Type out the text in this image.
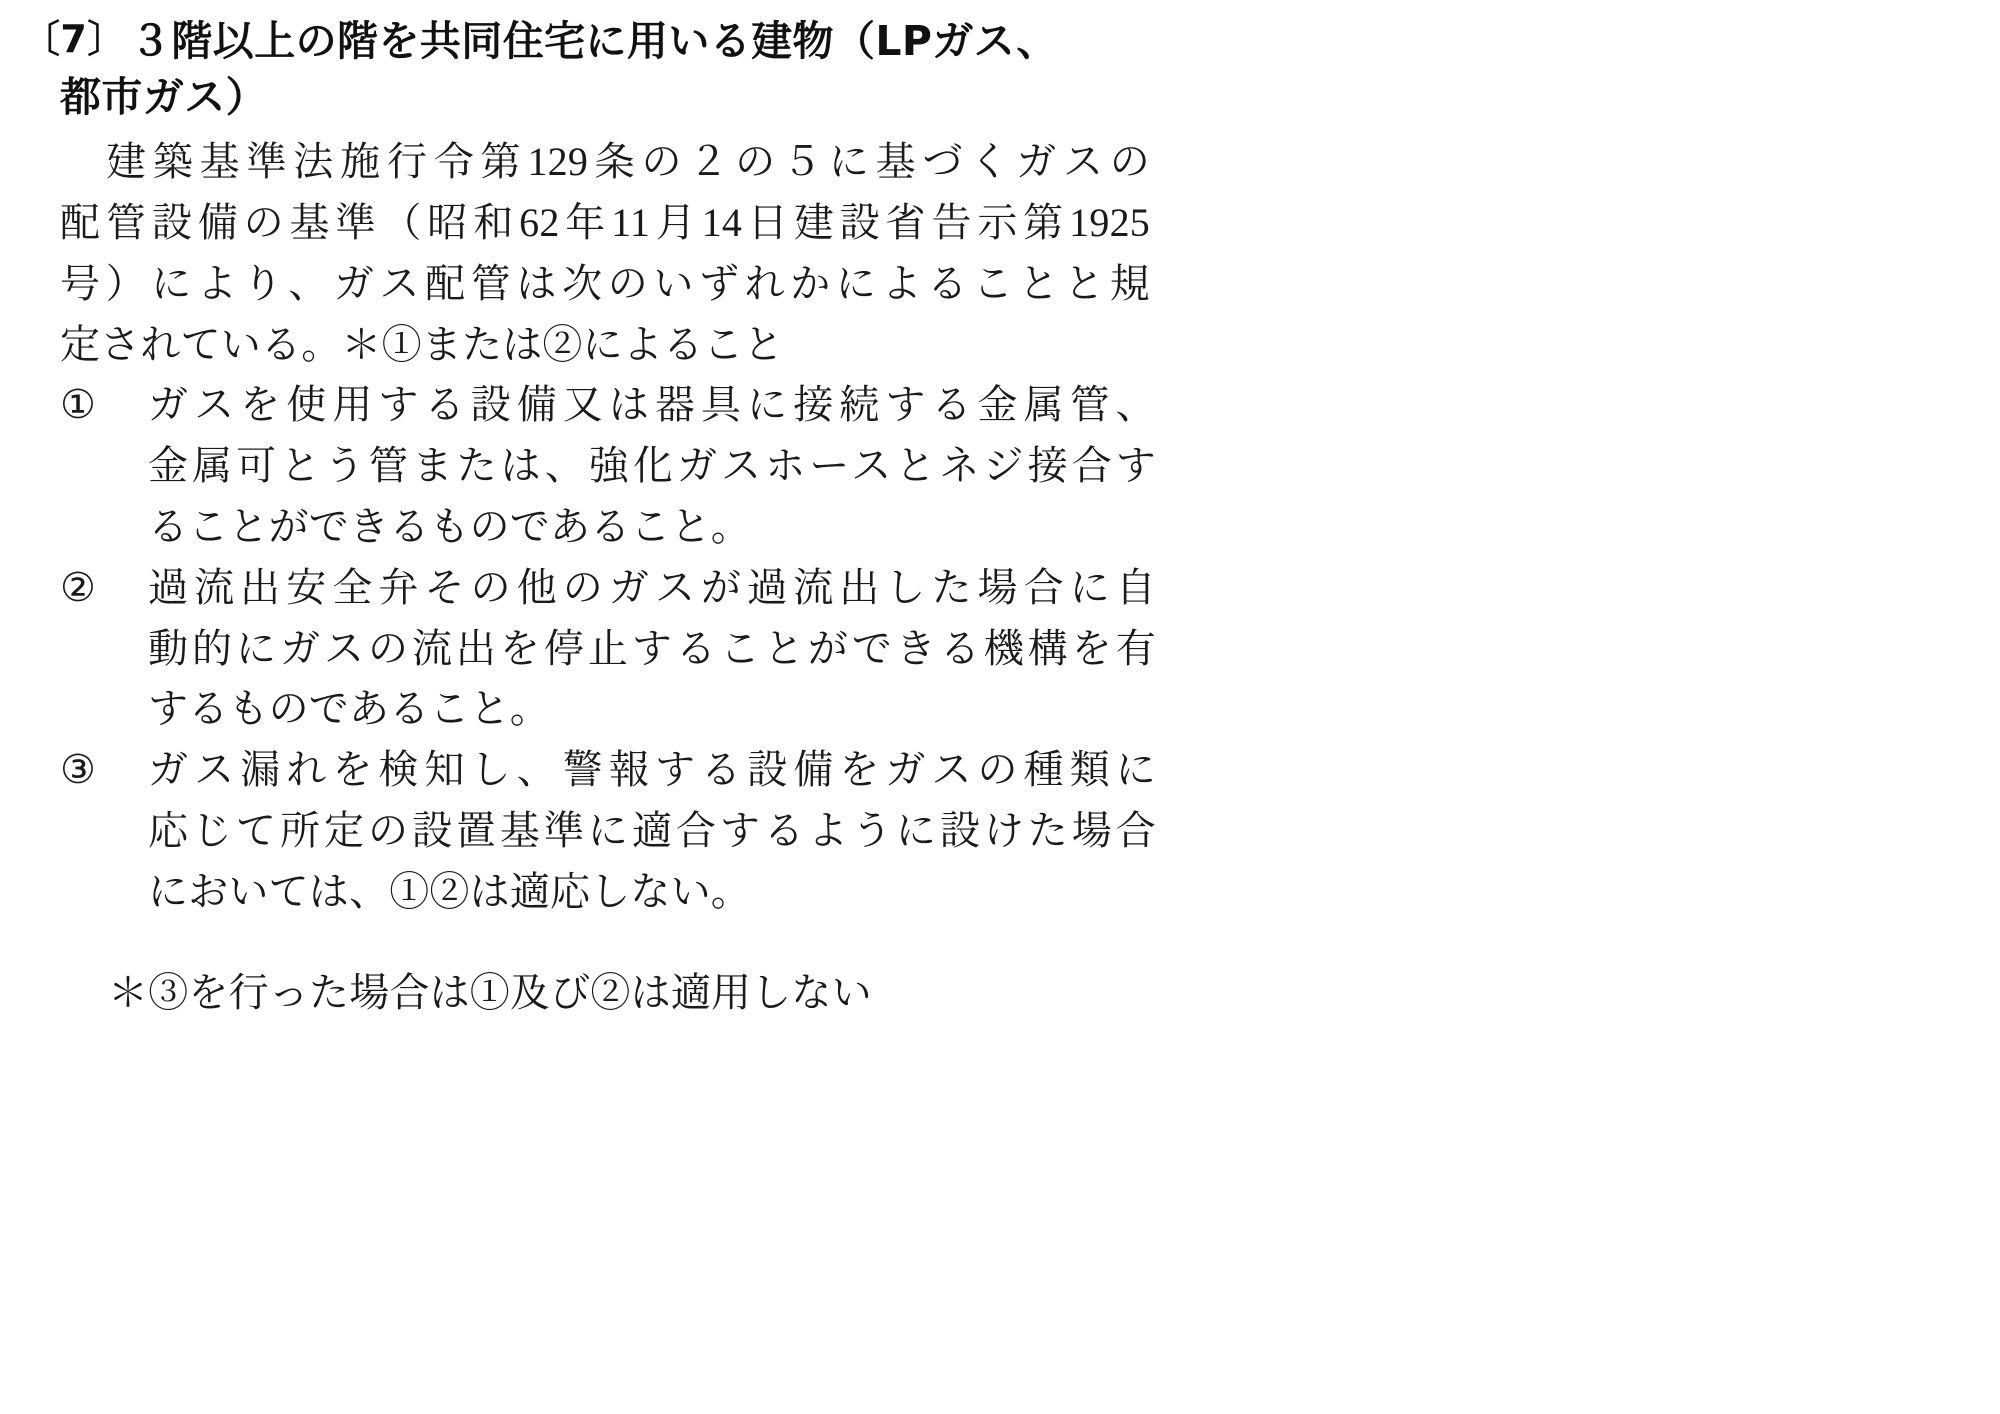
〔7〕 ３階以上の階を共同住宅に用いる建物（LPガス、
都市ガス）

建築基準法施行令第129条の２の５に基づくガスの
配管設備の基準（昭和62年11月14日建設省告示第1925
号）により、ガス配管は次のいずれかによることと規
定されている。＊①または②によること

①	ガスを使用する設備又は器具に接続する金属管、
金属可とう管または、強化ガスホースとネジ接合す
ることができるものであること。
②	過流出安全弁その他のガスが過流出した場合に自
動的にガスの流出を停止することができる機構を有
するものであること。
③	ガス漏れを検知し、警報する設備をガスの種類に
応じて所定の設置基準に適合するように設けた場合
においては、①②は適応しない。

＊③を行った場合は①及び②は適用しない
